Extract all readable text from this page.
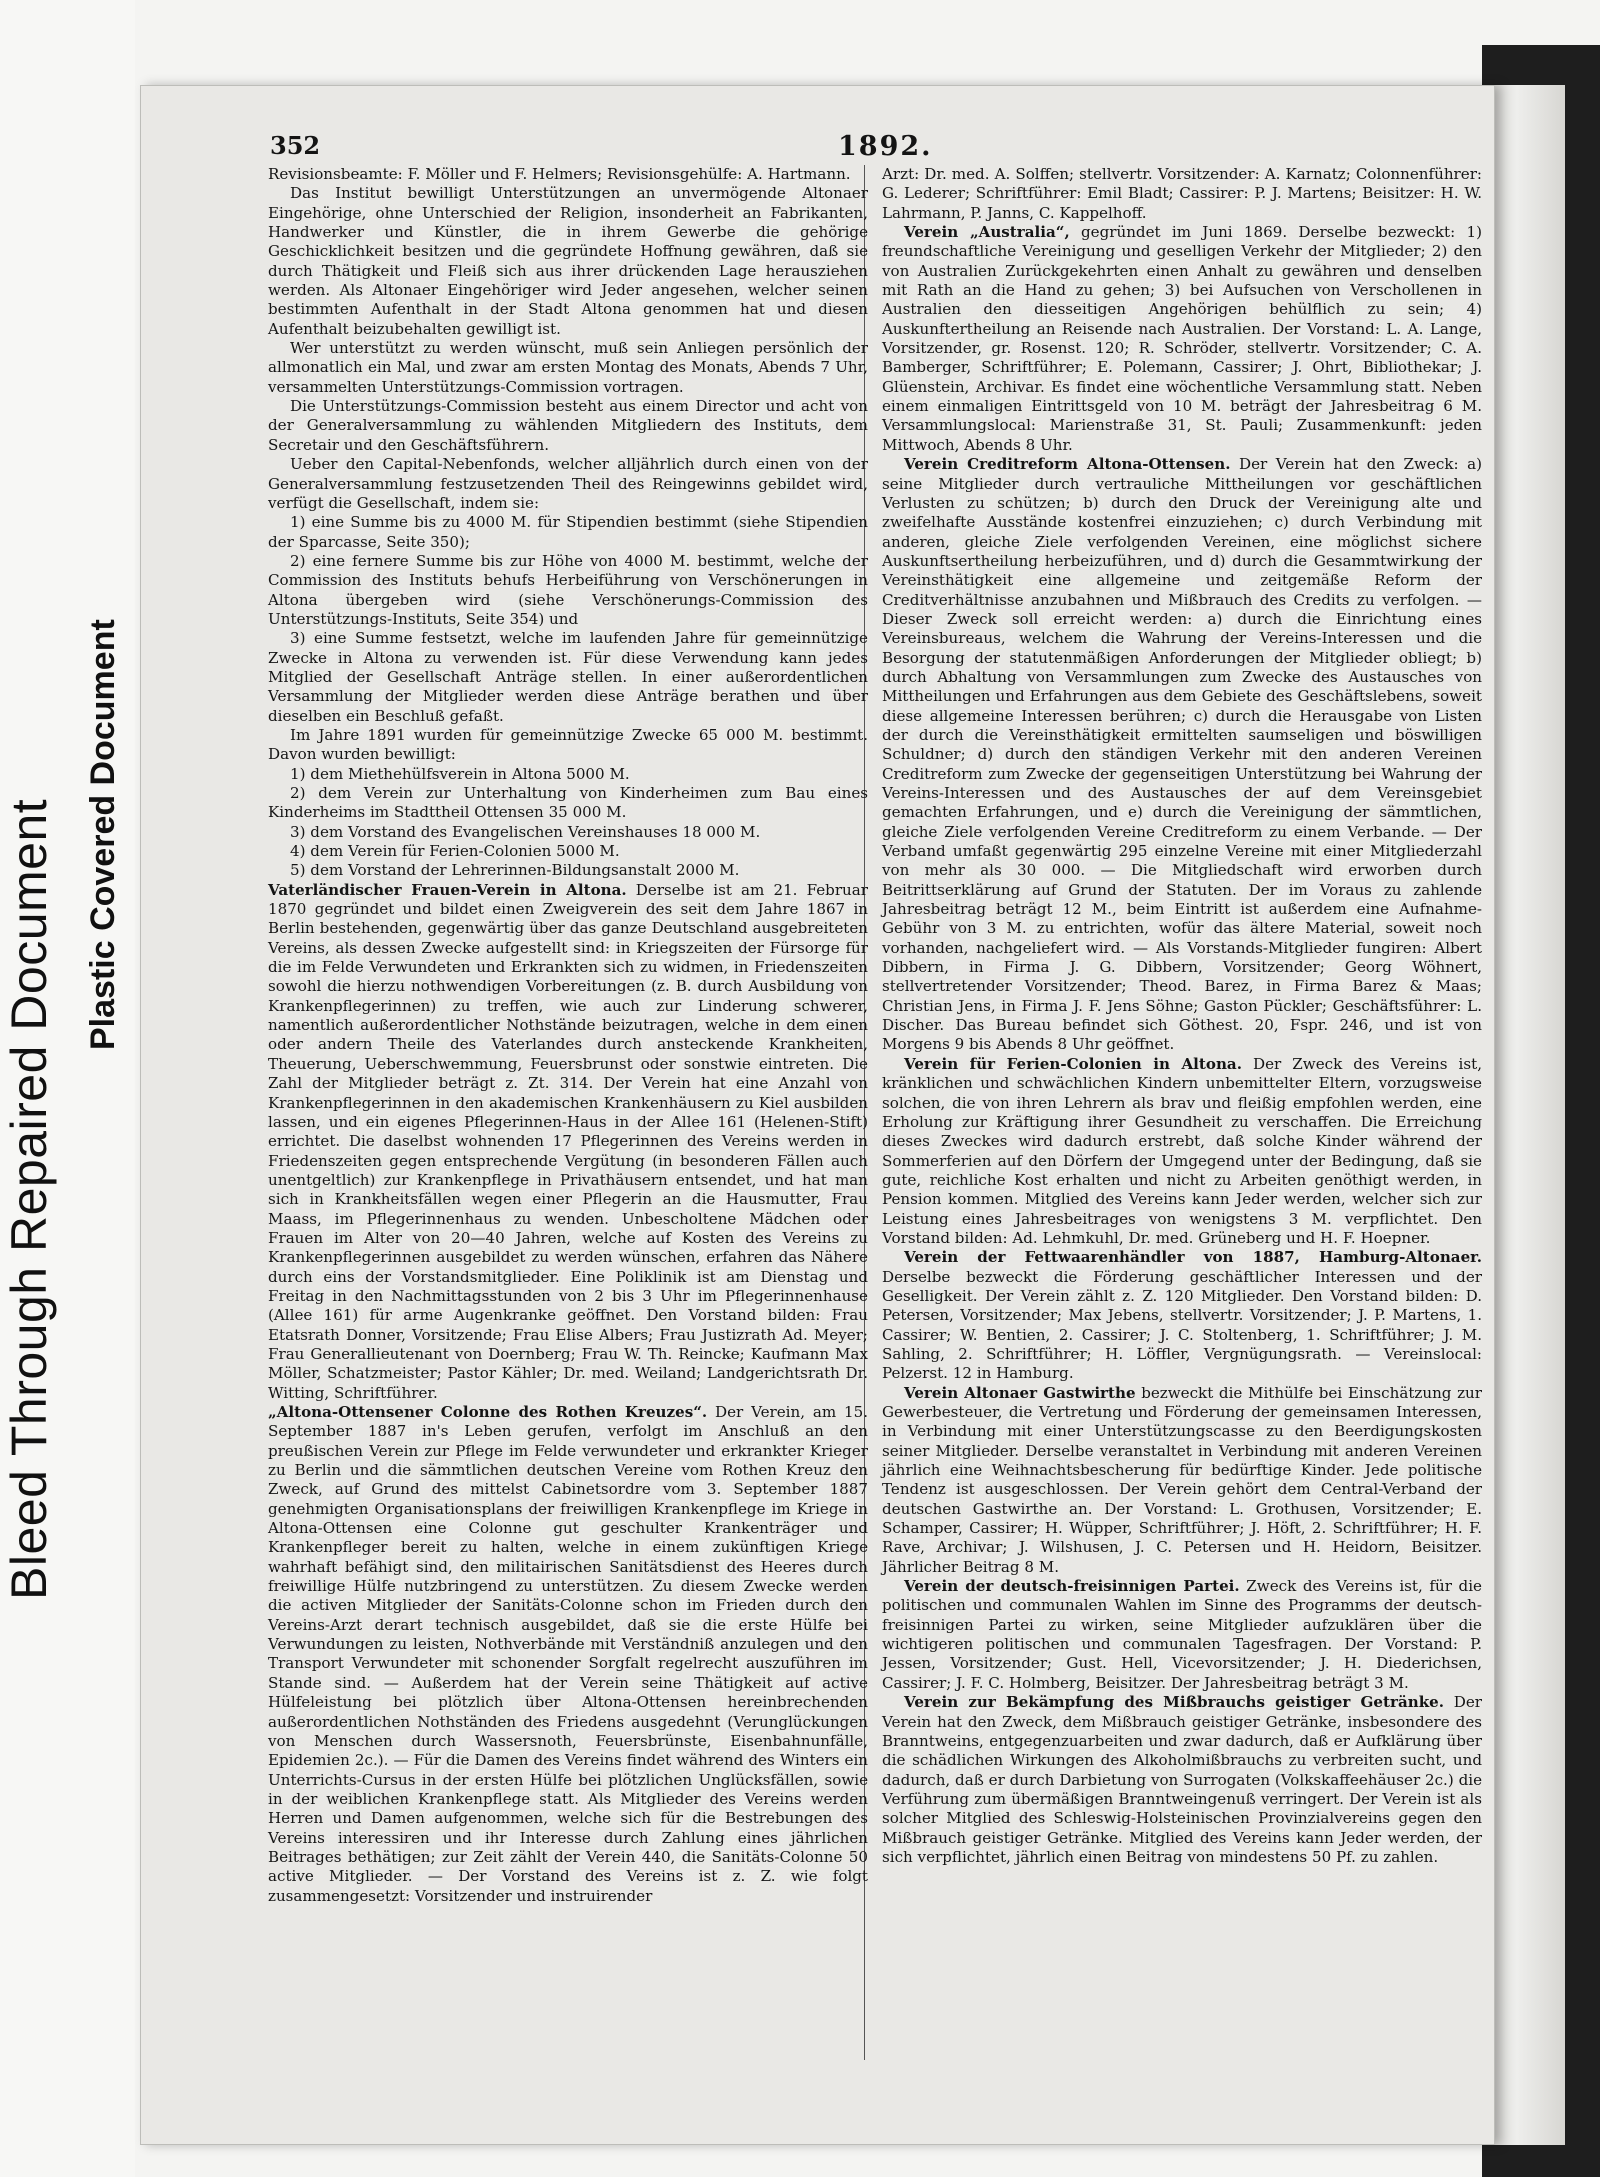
Bleed Through Repaired Document Plastic Covered Document
352	1892.

Revisionsbeamte: F. Möller und F. Helmers; Revisionsgehülfe: A. Hartmann.

Das Institut bewilligt Unterstützungen an unvermögende Altonaer Eingehörige, ohne Unterschied der Religion, insonderheit an Fabrikanten, Handwerker und Künstler, die in ihrem Gewerbe die gehörige Geschicklichkeit besitzen und die gegründete Hoffnung gewähren, daß sie durch Thätigkeit und Fleiß sich aus ihrer drückenden Lage herausziehen werden. Als Altonaer Eingehöriger wird Jeder angesehen, welcher seinen bestimmten Aufenthalt in der Stadt Altona genommen hat und diesen Aufenthalt beizubehalten gewilligt ist.

Wer unterstützt zu werden wünscht, muß sein Anliegen persönlich der allmonatlich ein Mal, und zwar am ersten Montag des Monats, Abends 7 Uhr, versammelten Unterstützungs-Commission vortragen.

Die Unterstützungs-Commission besteht aus einem Director und acht von der Generalversammlung zu wählenden Mitgliedern des Instituts, dem Secretair und den Geschäftsführern.

Ueber den Capital-Nebenfonds, welcher alljährlich durch einen von der Generalversammlung festzusetzenden Theil des Reingewinns gebildet wird, verfügt die Gesellschaft, indem sie:

1) eine Summe bis zu 4000 M. für Stipendien bestimmt (siehe Stipendien der Sparcasse, Seite 350);

2) eine fernere Summe bis zur Höhe von 4000 M. bestimmt, welche der Commission des Instituts behufs Herbeiführung von Verschönerungen in Altona übergeben wird (siehe Verschönerungs-Commission des Unterstützungs-Instituts, Seite 354) und

3) eine Summe festsetzt, welche im laufenden Jahre für gemeinnützige Zwecke in Altona zu verwenden ist. Für diese Verwendung kann jedes Mitglied der Gesellschaft Anträge stellen. In einer außerordentlichen Versammlung der Mitglieder werden diese Anträge berathen und über dieselben ein Beschluß gefaßt.

Im Jahre 1891 wurden für gemeinnützige Zwecke 65 000 M. bestimmt. Davon wurden bewilligt:

1) dem Miethehülfsverein in Altona 5000 M.

2) dem Verein zur Unterhaltung von Kinderheimen zum Bau eines Kinderheims im Stadttheil Ottensen 35 000 M.

3) dem Vorstand des Evangelischen Vereinshauses 18 000 M.

4) dem Verein für Ferien-Colonien 5000 M.

5) dem Vorstand der Lehrerinnen-Bildungsanstalt 2000 M.

Vaterländischer Frauen-Verein in Altona. Derselbe ist am 21. Februar 1870 gegründet und bildet einen Zweigverein des seit dem Jahre 1867 in Berlin bestehenden, gegenwärtig über das ganze Deutschland ausgebreiteten Vereins, als dessen Zwecke aufgestellt sind: in Kriegszeiten der Fürsorge für die im Felde Verwundeten und Erkrankten sich zu widmen, in Friedenszeiten sowohl die hierzu nothwendigen Vorbereitungen (z. B. durch Ausbildung von Krankenpflegerinnen) zu treffen, wie auch zur Linderung schwerer, namentlich außerordentlicher Nothstände beizutragen, welche in dem einen oder andern Theile des Vaterlandes durch ansteckende Krankheiten, Theuerung, Ueberschwemmung, Feuersbrunst oder sonstwie eintreten. Die Zahl der Mitglieder beträgt z. Zt. 314. Der Verein hat eine Anzahl von Krankenpflegerinnen in den akademischen Krankenhäusern zu Kiel ausbilden lassen, und ein eigenes Pflegerinnen-Haus in der Allee 161 (Helenen-Stift) errichtet. Die daselbst wohnenden 17 Pflegerinnen des Vereins werden in Friedenszeiten gegen entsprechende Vergütung (in besonderen Fällen auch unentgeltlich) zur Krankenpflege in Privathäusern entsendet, und hat man sich in Krankheitsfällen wegen einer Pflegerin an die Hausmutter, Frau Maass, im Pflegerinnenhaus zu wenden. Unbescholtene Mädchen oder Frauen im Alter von 20—40 Jahren, welche auf Kosten des Vereins zu Krankenpflegerinnen ausgebildet zu werden wünschen, erfahren das Nähere durch eins der Vorstandsmitglieder. Eine Poliklinik ist am Dienstag und Freitag in den Nachmittagsstunden von 2 bis 3 Uhr im Pflegerinnenhause (Allee 161) für arme Augenkranke geöffnet. Den Vorstand bilden: Frau Etatsrath Donner, Vorsitzende; Frau Elise Albers; Frau Justizrath Ad. Meyer; Frau Generallieutenant von Doernberg; Frau W. Th. Reincke; Kaufmann Max Möller, Schatzmeister; Pastor Kähler; Dr. med. Weiland; Landgerichtsrath Dr. Witting, Schriftführer.

„Altona-Ottensener Colonne des Rothen Kreuzes“. Der Verein, am 15. September 1887 in's Leben gerufen, verfolgt im Anschluß an den preußischen Verein zur Pflege im Felde verwundeter und erkrankter Krieger zu Berlin und die sämmtlichen deutschen Vereine vom Rothen Kreuz den Zweck, auf Grund des mittelst Cabinetsordre vom 3. September 1887 genehmigten Organisationsplans der freiwilligen Krankenpflege im Kriege in Altona-Ottensen eine Colonne gut geschulter Krankenträger und Krankenpfleger bereit zu halten, welche in einem zukünftigen Kriege wahrhaft befähigt sind, den militairischen Sanitätsdienst des Heeres durch freiwillige Hülfe nutzbringend zu unterstützen. Zu diesem Zwecke werden die activen Mitglieder der Sanitäts-Colonne schon im Frieden durch den Vereins-Arzt derart technisch ausgebildet, daß sie die erste Hülfe bei Verwundungen zu leisten, Nothverbände mit Verständniß anzulegen und den Transport Verwundeter mit schonender Sorgfalt regelrecht auszuführen im Stande sind. — Außerdem hat der Verein seine Thätigkeit auf active Hülfeleistung bei plötzlich über Altona-Ottensen hereinbrechenden außerordentlichen Nothständen des Friedens ausgedehnt (Verunglückungen von Menschen durch Wassersnoth, Feuersbrünste, Eisenbahnunfälle, Epidemien 2c.). — Für die Damen des Vereins findet während des Winters ein Unterrichts-Cursus in der ersten Hülfe bei plötzlichen Unglücksfällen, sowie in der weiblichen Krankenpflege statt. Als Mitglieder des Vereins werden Herren und Damen aufgenommen, welche sich für die Bestrebungen des Vereins interessiren und ihr Interesse durch Zahlung eines jährlichen Beitrages bethätigen; zur Zeit zählt der Verein 440, die Sanitäts-Colonne 50 active Mitglieder. — Der Vorstand des Vereins ist z. Z. wie folgt zusammengesetzt: Vorsitzender und instruirender

Arzt: Dr. med. A. Solffen; stellvertr. Vorsitzender: A. Karnatz; Colonnenführer: G. Lederer; Schriftführer: Emil Bladt; Cassirer: P. J. Martens; Beisitzer: H. W. Lahrmann, P. Janns, C. Kappelhoff.

Verein „Australia“, gegründet im Juni 1869. Derselbe bezweckt: 1) freundschaftliche Vereinigung und geselligen Verkehr der Mitglieder; 2) den von Australien Zurückgekehrten einen Anhalt zu gewähren und denselben mit Rath an die Hand zu gehen; 3) bei Aufsuchen von Verschollenen in Australien den diesseitigen Angehörigen behülflich zu sein; 4) Auskunftertheilung an Reisende nach Australien. Der Vorstand: L. A. Lange, Vorsitzender, gr. Rosenst. 120; R. Schröder, stellvertr. Vorsitzender; C. A. Bamberger, Schriftführer; E. Polemann, Cassirer; J. Ohrt, Bibliothekar; J. Glüenstein, Archivar. Es findet eine wöchentliche Versammlung statt. Neben einem einmaligen Eintrittsgeld von 10 M. beträgt der Jahresbeitrag 6 M. Versammlungslocal: Marienstraße 31, St. Pauli; Zusammenkunft: jeden Mittwoch, Abends 8 Uhr.

Verein Creditreform Altona-Ottensen. Der Verein hat den Zweck: a) seine Mitglieder durch vertrauliche Mittheilungen vor geschäftlichen Verlusten zu schützen; b) durch den Druck der Vereinigung alte und zweifelhafte Ausstände kostenfrei einzuziehen; c) durch Verbindung mit anderen, gleiche Ziele verfolgenden Vereinen, eine möglichst sichere Auskunftsertheilung herbeizuführen, und d) durch die Gesammtwirkung der Vereinsthätigkeit eine allgemeine und zeitgemäße Reform der Creditverhältnisse anzubahnen und Mißbrauch des Credits zu verfolgen. — Dieser Zweck soll erreicht werden: a) durch die Einrichtung eines Vereinsbureaus, welchem die Wahrung der Vereins-Interessen und die Besorgung der statutenmäßigen Anforderungen der Mitglieder obliegt; b) durch Abhaltung von Versammlungen zum Zwecke des Austausches von Mittheilungen und Erfahrungen aus dem Gebiete des Geschäftslebens, soweit diese allgemeine Interessen berühren; c) durch die Herausgabe von Listen der durch die Vereinsthätigkeit ermittelten saumseligen und böswilligen Schuldner; d) durch den ständigen Verkehr mit den anderen Vereinen Creditreform zum Zwecke der gegenseitigen Unterstützung bei Wahrung der Vereins-Interessen und des Austausches der auf dem Vereinsgebiet gemachten Erfahrungen, und e) durch die Vereinigung der sämmtlichen, gleiche Ziele verfolgenden Vereine Creditreform zu einem Verbande. — Der Verband umfaßt gegenwärtig 295 einzelne Vereine mit einer Mitgliederzahl von mehr als 30 000. — Die Mitgliedschaft wird erworben durch Beitrittserklärung auf Grund der Statuten. Der im Voraus zu zahlende Jahresbeitrag beträgt 12 M., beim Eintritt ist außerdem eine Aufnahme-Gebühr von 3 M. zu entrichten, wofür das ältere Material, soweit noch vorhanden, nachgeliefert wird. — Als Vorstands-Mitglieder fungiren: Albert Dibbern, in Firma J. G. Dibbern, Vorsitzender; Georg Wöhnert, stellvertretender Vorsitzender; Theod. Barez, in Firma Barez & Maas; Christian Jens, in Firma J. F. Jens Söhne; Gaston Pückler; Geschäftsführer: L. Discher. Das Bureau befindet sich Göthest. 20, Fspr. 246, und ist von Morgens 9 bis Abends 8 Uhr geöffnet.

Verein für Ferien-Colonien in Altona. Der Zweck des Vereins ist, kränklichen und schwächlichen Kindern unbemittelter Eltern, vorzugsweise solchen, die von ihren Lehrern als brav und fleißig empfohlen werden, eine Erholung zur Kräftigung ihrer Gesundheit zu verschaffen. Die Erreichung dieses Zweckes wird dadurch erstrebt, daß solche Kinder während der Sommerferien auf den Dörfern der Umgegend unter der Bedingung, daß sie gute, reichliche Kost erhalten und nicht zu Arbeiten genöthigt werden, in Pension kommen. Mitglied des Vereins kann Jeder werden, welcher sich zur Leistung eines Jahresbeitrages von wenigstens 3 M. verpflichtet. Den Vorstand bilden: Ad. Lehmkuhl, Dr. med. Grüneberg und H. F. Hoepner.

Verein der Fettwaarenhändler von 1887, Hamburg-Altonaer. Derselbe bezweckt die Förderung geschäftlicher Interessen und der Geselligkeit. Der Verein zählt z. Z. 120 Mitglieder. Den Vorstand bilden: D. Petersen, Vorsitzender; Max Jebens, stellvertr. Vorsitzender; J. P. Martens, 1. Cassirer; W. Bentien, 2. Cassirer; J. C. Stoltenberg, 1. Schriftführer; J. M. Sahling, 2. Schriftführer; H. Löffler, Vergnügungsrath. — Vereinslocal: Pelzerst. 12 in Hamburg.

Verein Altonaer Gastwirthe bezweckt die Mithülfe bei Einschätzung zur Gewerbesteuer, die Vertretung und Förderung der gemeinsamen Interessen, in Verbindung mit einer Unterstützungscasse zu den Beerdigungskosten seiner Mitglieder. Derselbe veranstaltet in Verbindung mit anderen Vereinen jährlich eine Weihnachtsbescherung für bedürftige Kinder. Jede politische Tendenz ist ausgeschlossen. Der Verein gehört dem Central-Verband der deutschen Gastwirthe an. Der Vorstand: L. Grothusen, Vorsitzender; E. Schamper, Cassirer; H. Wüpper, Schriftführer; J. Höft, 2. Schriftführer; H. F. Rave, Archivar; J. Wilshusen, J. C. Petersen und H. Heidorn, Beisitzer. Jährlicher Beitrag 8 M.

Verein der deutsch-freisinnigen Partei. Zweck des Vereins ist, für die politischen und communalen Wahlen im Sinne des Programms der deutsch-freisinnigen Partei zu wirken, seine Mitglieder aufzuklären über die wichtigeren politischen und communalen Tagesfragen. Der Vorstand: P. Jessen, Vorsitzender; Gust. Hell, Vicevorsitzender; J. H. Diederichsen, Cassirer; J. F. C. Holmberg, Beisitzer. Der Jahresbeitrag beträgt 3 M.

Verein zur Bekämpfung des Mißbrauchs geistiger Getränke. Der Verein hat den Zweck, dem Mißbrauch geistiger Getränke, insbesondere des Branntweins, entgegenzuarbeiten und zwar dadurch, daß er Aufklärung über die schädlichen Wirkungen des Alkoholmißbrauchs zu verbreiten sucht, und dadurch, daß er durch Darbietung von Surrogaten (Volkskaffeehäuser 2c.) die Verführung zum übermäßigen Branntweingenuß verringert. Der Verein ist als solcher Mitglied des Schleswig-Holsteinischen Provinzialvereins gegen den Mißbrauch geistiger Getränke. Mitglied des Vereins kann Jeder werden, der sich verpflichtet, jährlich einen Beitrag von mindestens 50 Pf. zu zahlen.
